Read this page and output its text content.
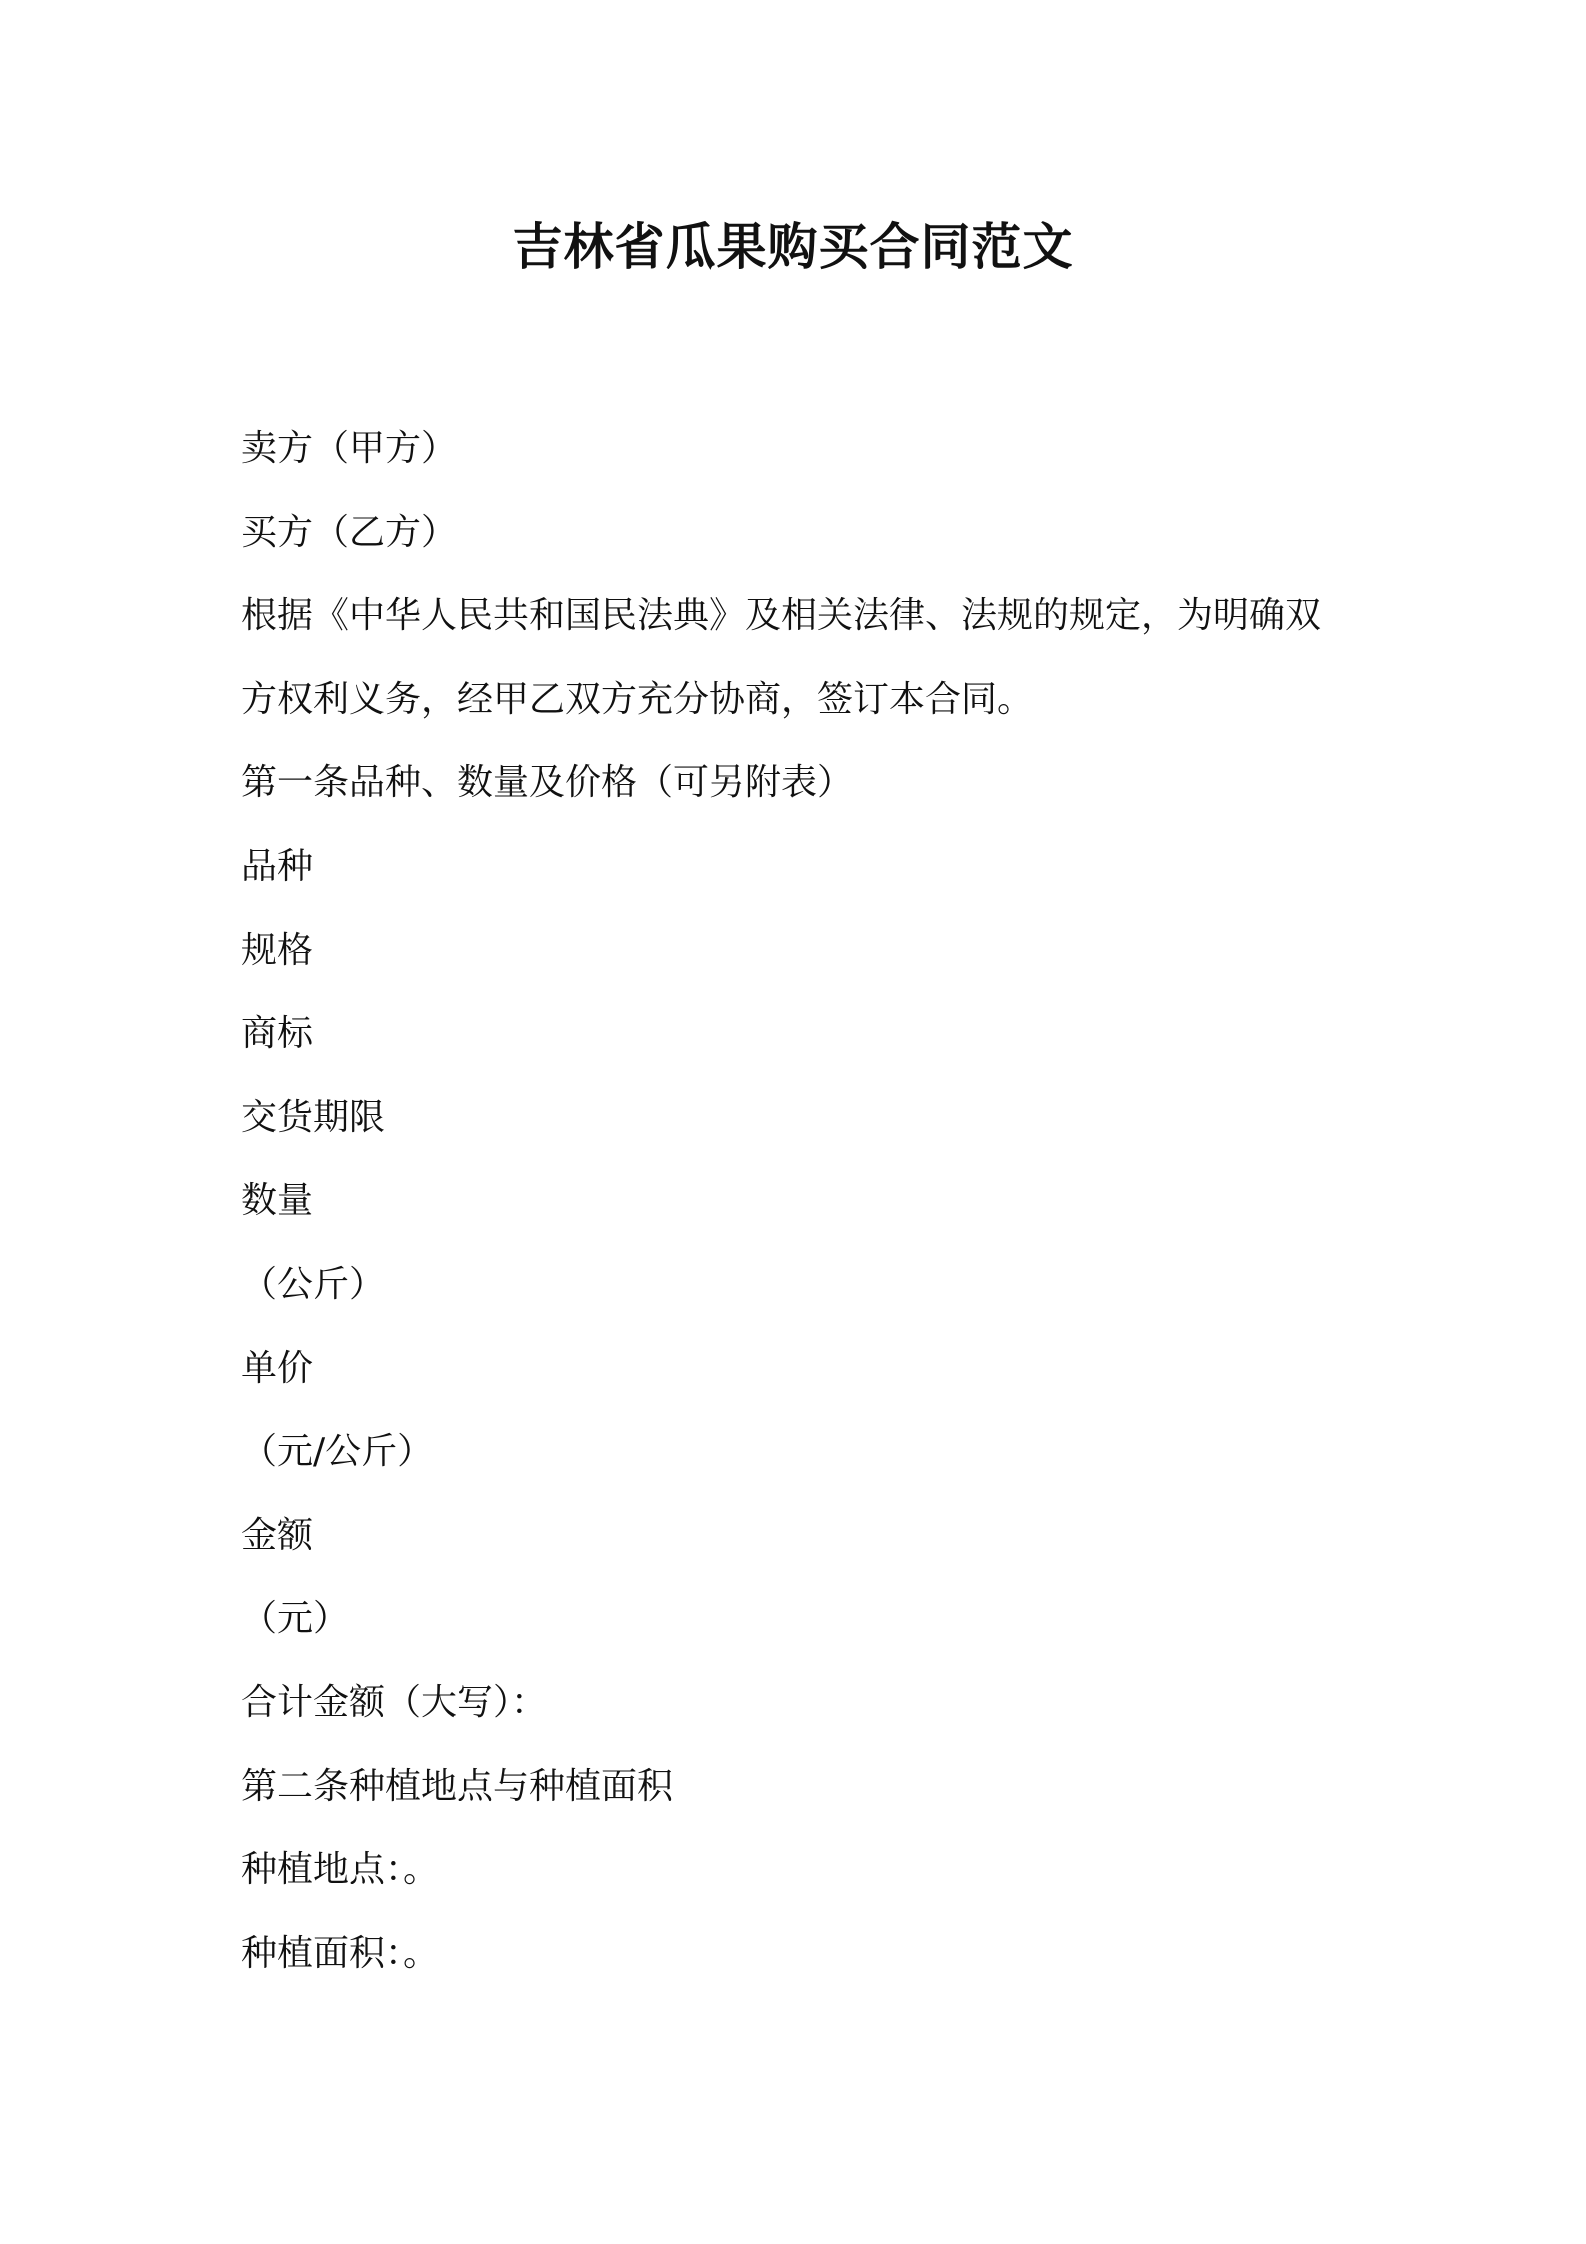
吉林省瓜果购买合同范文
卖方（甲方）
买方（乙方）
根据《中华人民共和国民法典》及相关法律、法规的规定，为明确双
方权利义务，经甲乙双方充分协商，签订本合同。
第一条品种、数量及价格（可另附表）
品种
规格
商标
交货期限
数量
（公斤）
单价
（元/公斤）
金额
（元）
合计金额（大写）：
第二条种植地点与种植面积
种植地点：。
种植面积：。
